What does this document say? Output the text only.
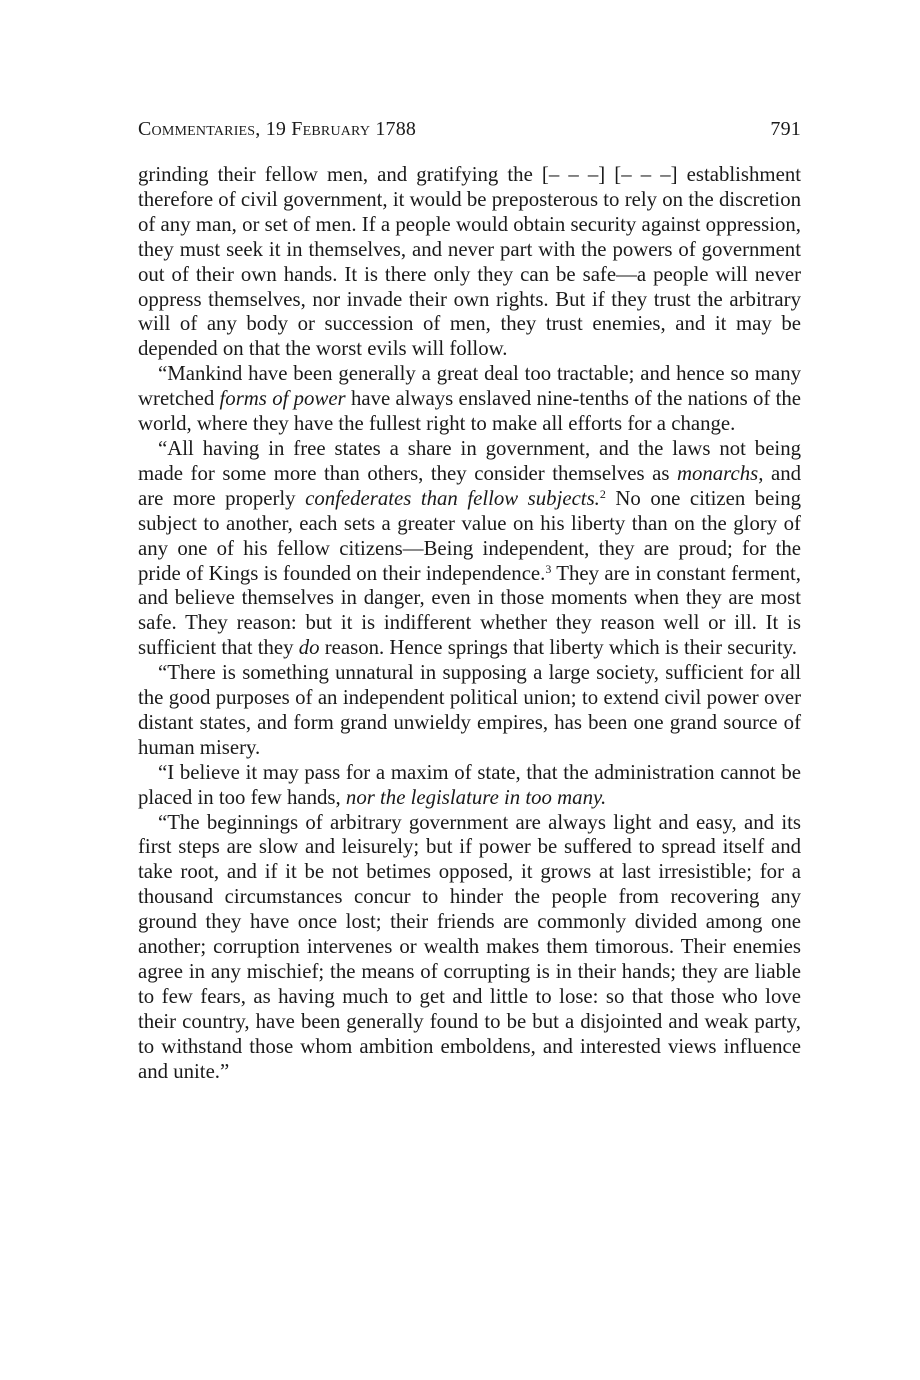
Commentaries, 19 February 1788	791

grinding their fellow men, and gratifying the [– – –] [– – –] establishment therefore of civil government, it would be preposterous to rely on the discretion of any man, or set of men. If a people would obtain security against oppression, they must seek it in themselves, and never part with the powers of government out of their own hands. It is there only they can be safe—a people will never oppress themselves, nor invade their own rights. But if they trust the arbitrary will of any body or succession of men, they trust enemies, and it may be depended on that the worst evils will follow.

“Mankind have been generally a great deal too tractable; and hence so many wretched forms of power have always enslaved nine-tenths of the nations of the world, where they have the fullest right to make all efforts for a change.

“All having in free states a share in government, and the laws not being made for some more than others, they consider themselves as monarchs, and are more properly confederates than fellow subjects.$^2$ No one citizen being subject to another, each sets a greater value on his liberty than on the glory of any one of his fellow citizens—Being independent, they are proud; for the pride of Kings is founded on their independence.$^3$ They are in constant ferment, and believe themselves in danger, even in those moments when they are most safe. They reason: but it is indifferent whether they reason well or ill. It is sufficient that they do reason. Hence springs that liberty which is their security.

“There is something unnatural in supposing a large society, sufficient for all the good purposes of an independent political union; to extend civil power over distant states, and form grand unwieldy empires, has been one grand source of human misery.

“I believe it may pass for a maxim of state, that the administration cannot be placed in too few hands, nor the legislature in too many.

“The beginnings of arbitrary government are always light and easy, and its first steps are slow and leisurely; but if power be suffered to spread itself and take root, and if it be not betimes opposed, it grows at last irresistible; for a thousand circumstances concur to hinder the people from recovering any ground they have once lost; their friends are commonly divided among one another; corruption intervenes or wealth makes them timorous. Their enemies agree in any mischief; the means of corrupting is in their hands; they are liable to few fears, as having much to get and little to lose: so that those who love their country, have been generally found to be but a disjointed and weak party, to withstand those whom ambition emboldens, and interested views influence and unite.”
